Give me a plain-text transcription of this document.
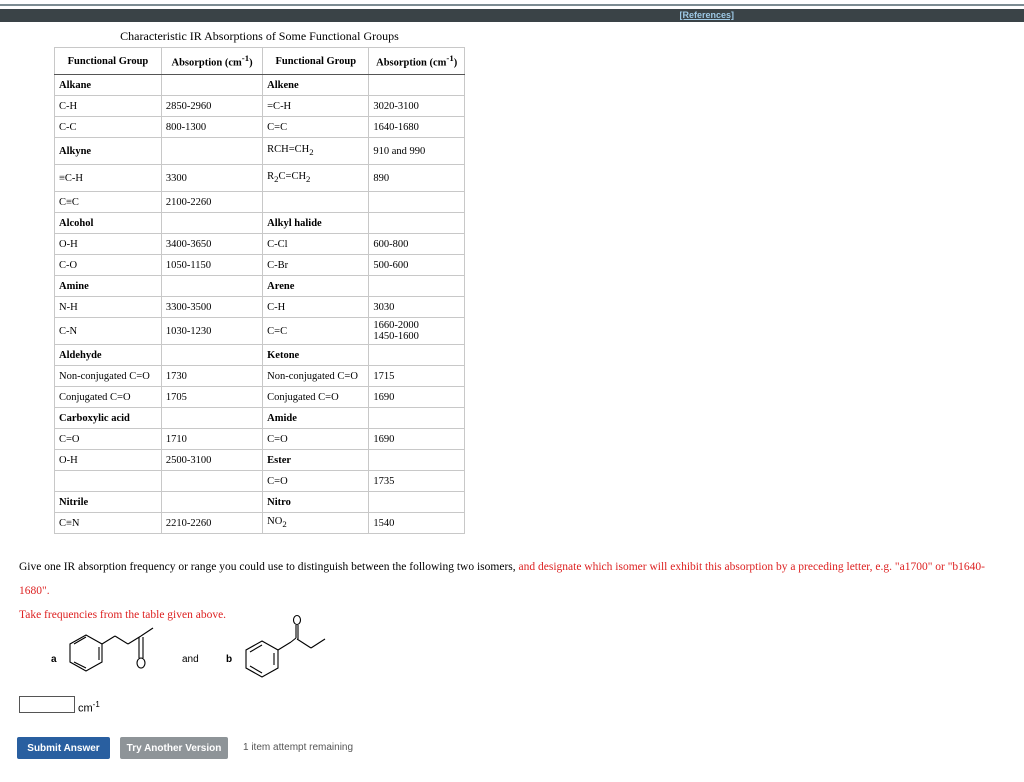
[References]
Characteristic IR Absorptions of Some Functional Groups
Functional Group	Absorption $(cm^{-1})$	Functional Group	Absorption $(cm^{-1})$
Alkane		Alkene	
C-H	2850-2960	=C-H	3020-3100
C-C	800-1300	C=C	1640-1680
Alkyne		$RCH=CH_2$	910 and 990
≡C-H	3300	$R_2C=CH_2$	890
C≡C	2100-2260		
Alcohol		Alkyl halide	
O-H	3400-3650	C-Cl	600-800
C-O	1050-1150	C-Br	500-600
Amine		Arene	
N-H	3300-3500	C-H	3030
C-N	1030-1230	C=C	1660-2000
1450-1600

Aldehyde		Ketone	
Non-conjugated C=O	1730	Non-conjugated C=O	1715
Conjugated C=O	1705	Conjugated C=O	1690
Carboxylic acid		Amide	
C=O	1710	C=O	1690
O-H	2500-3100	Ester	
		C=O	1735
Nitrile		Nitro	
C≡N	2210-2260	$NO_2$	1540
Give one IR absorption frequency or range you could use to distinguish between the following two isomers, and designate which isomer will exhibit this absorption by a preceding letter, e.g. "a1700" or "b1640-1680".
Take frequencies from the table given above.
a	and	b
$cm^{-1}$
Submit Answer	Try Another Version	1 item attempt remaining
